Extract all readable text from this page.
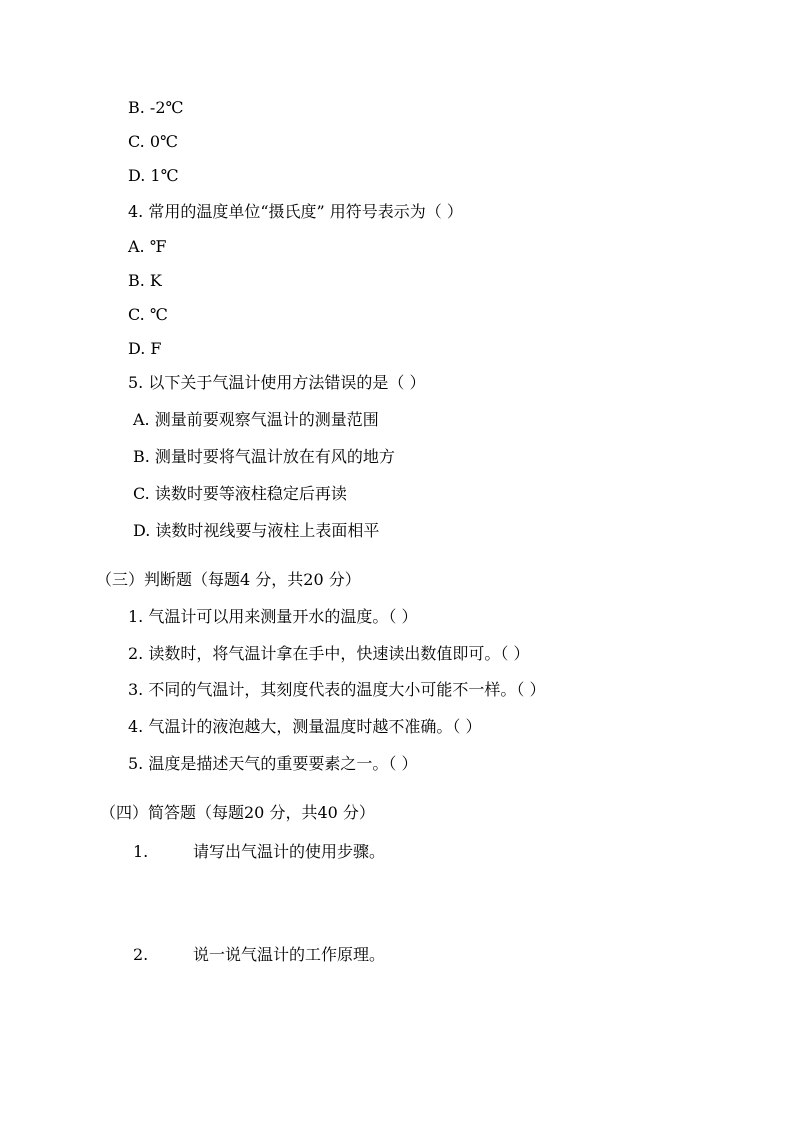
B. -2℃
C. 0℃
D. 1℃
4. 常用的温度单位“摄氏度” 用符号表示为（ ）
A. ℉
B. K
C. ℃
D. F
5. 以下关于气温计使用方法错误的是（ ）
A. 测量前要观察气温计的测量范围
B. 测量时要将气温计放在有风的地方
C. 读数时要等液柱稳定后再读
D. 读数时视线要与液柱上表面相平
（三）判断题（每题4 分，共20 分）
1. 气温计可以用来测量开水的温度。（ ）
2. 读数时，将气温计拿在手中，快速读出数值即可。（ ）
3. 不同的气温计，其刻度代表的温度大小可能不一样。（ ）
4. 气温计的液泡越大，测量温度时越不准确。（ ）
5. 温度是描述天气的重要要素之一。（ ）
（四）简答题（每题20 分，共40 分）
1.	请写出气温计的使用步骤。
2.	说一说气温计的工作原理。
